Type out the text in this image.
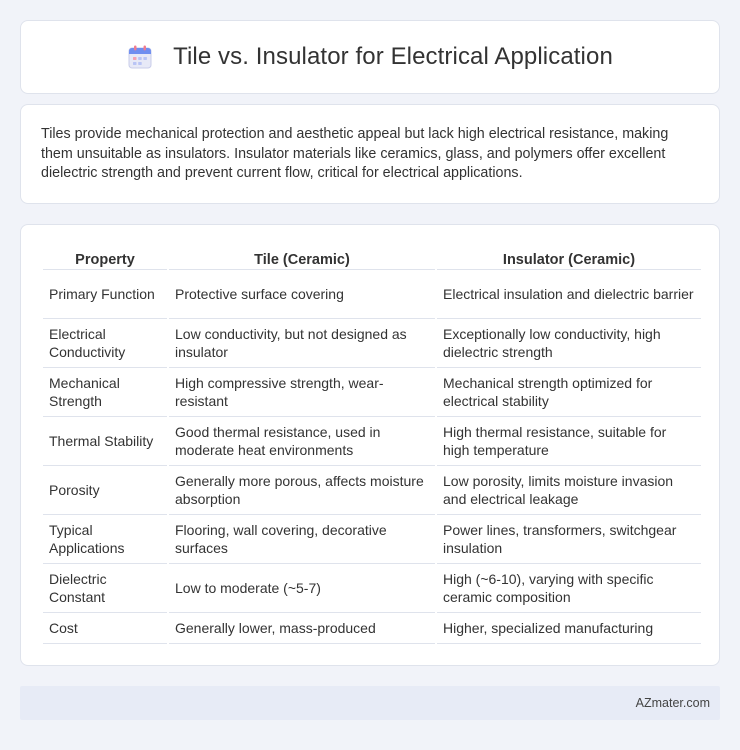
Tile vs. Insulator for Electrical Application

Tiles provide mechanical protection and aesthetic appeal but lack high electrical resistance, making them unsuitable as insulators. Insulator materials like ceramics, glass, and polymers offer excellent dielectric strength and prevent current flow, critical for electrical applications.

Property	Tile (Ceramic)	Insulator (Ceramic)
Primary Function	Protective surface covering	Electrical insulation and dielectric barrier
Electrical Conductivity	Low conductivity, but not designed as insulator	Exceptionally low conductivity, high dielectric strength
Mechanical Strength	High compressive strength, wear-resistant	Mechanical strength optimized for electrical stability
Thermal Stability	Good thermal resistance, used in moderate heat environments	High thermal resistance, suitable for high temperature
Porosity	Generally more porous, affects moisture absorption	Low porosity, limits moisture invasion and electrical leakage
Typical Applications	Flooring, wall covering, decorative surfaces	Power lines, transformers, switchgear insulation
Dielectric Constant	Low to moderate (~5-7)	High (~6-10), varying with specific ceramic composition
Cost	Generally lower, mass-produced	Higher, specialized manufacturing
AZmater.com
